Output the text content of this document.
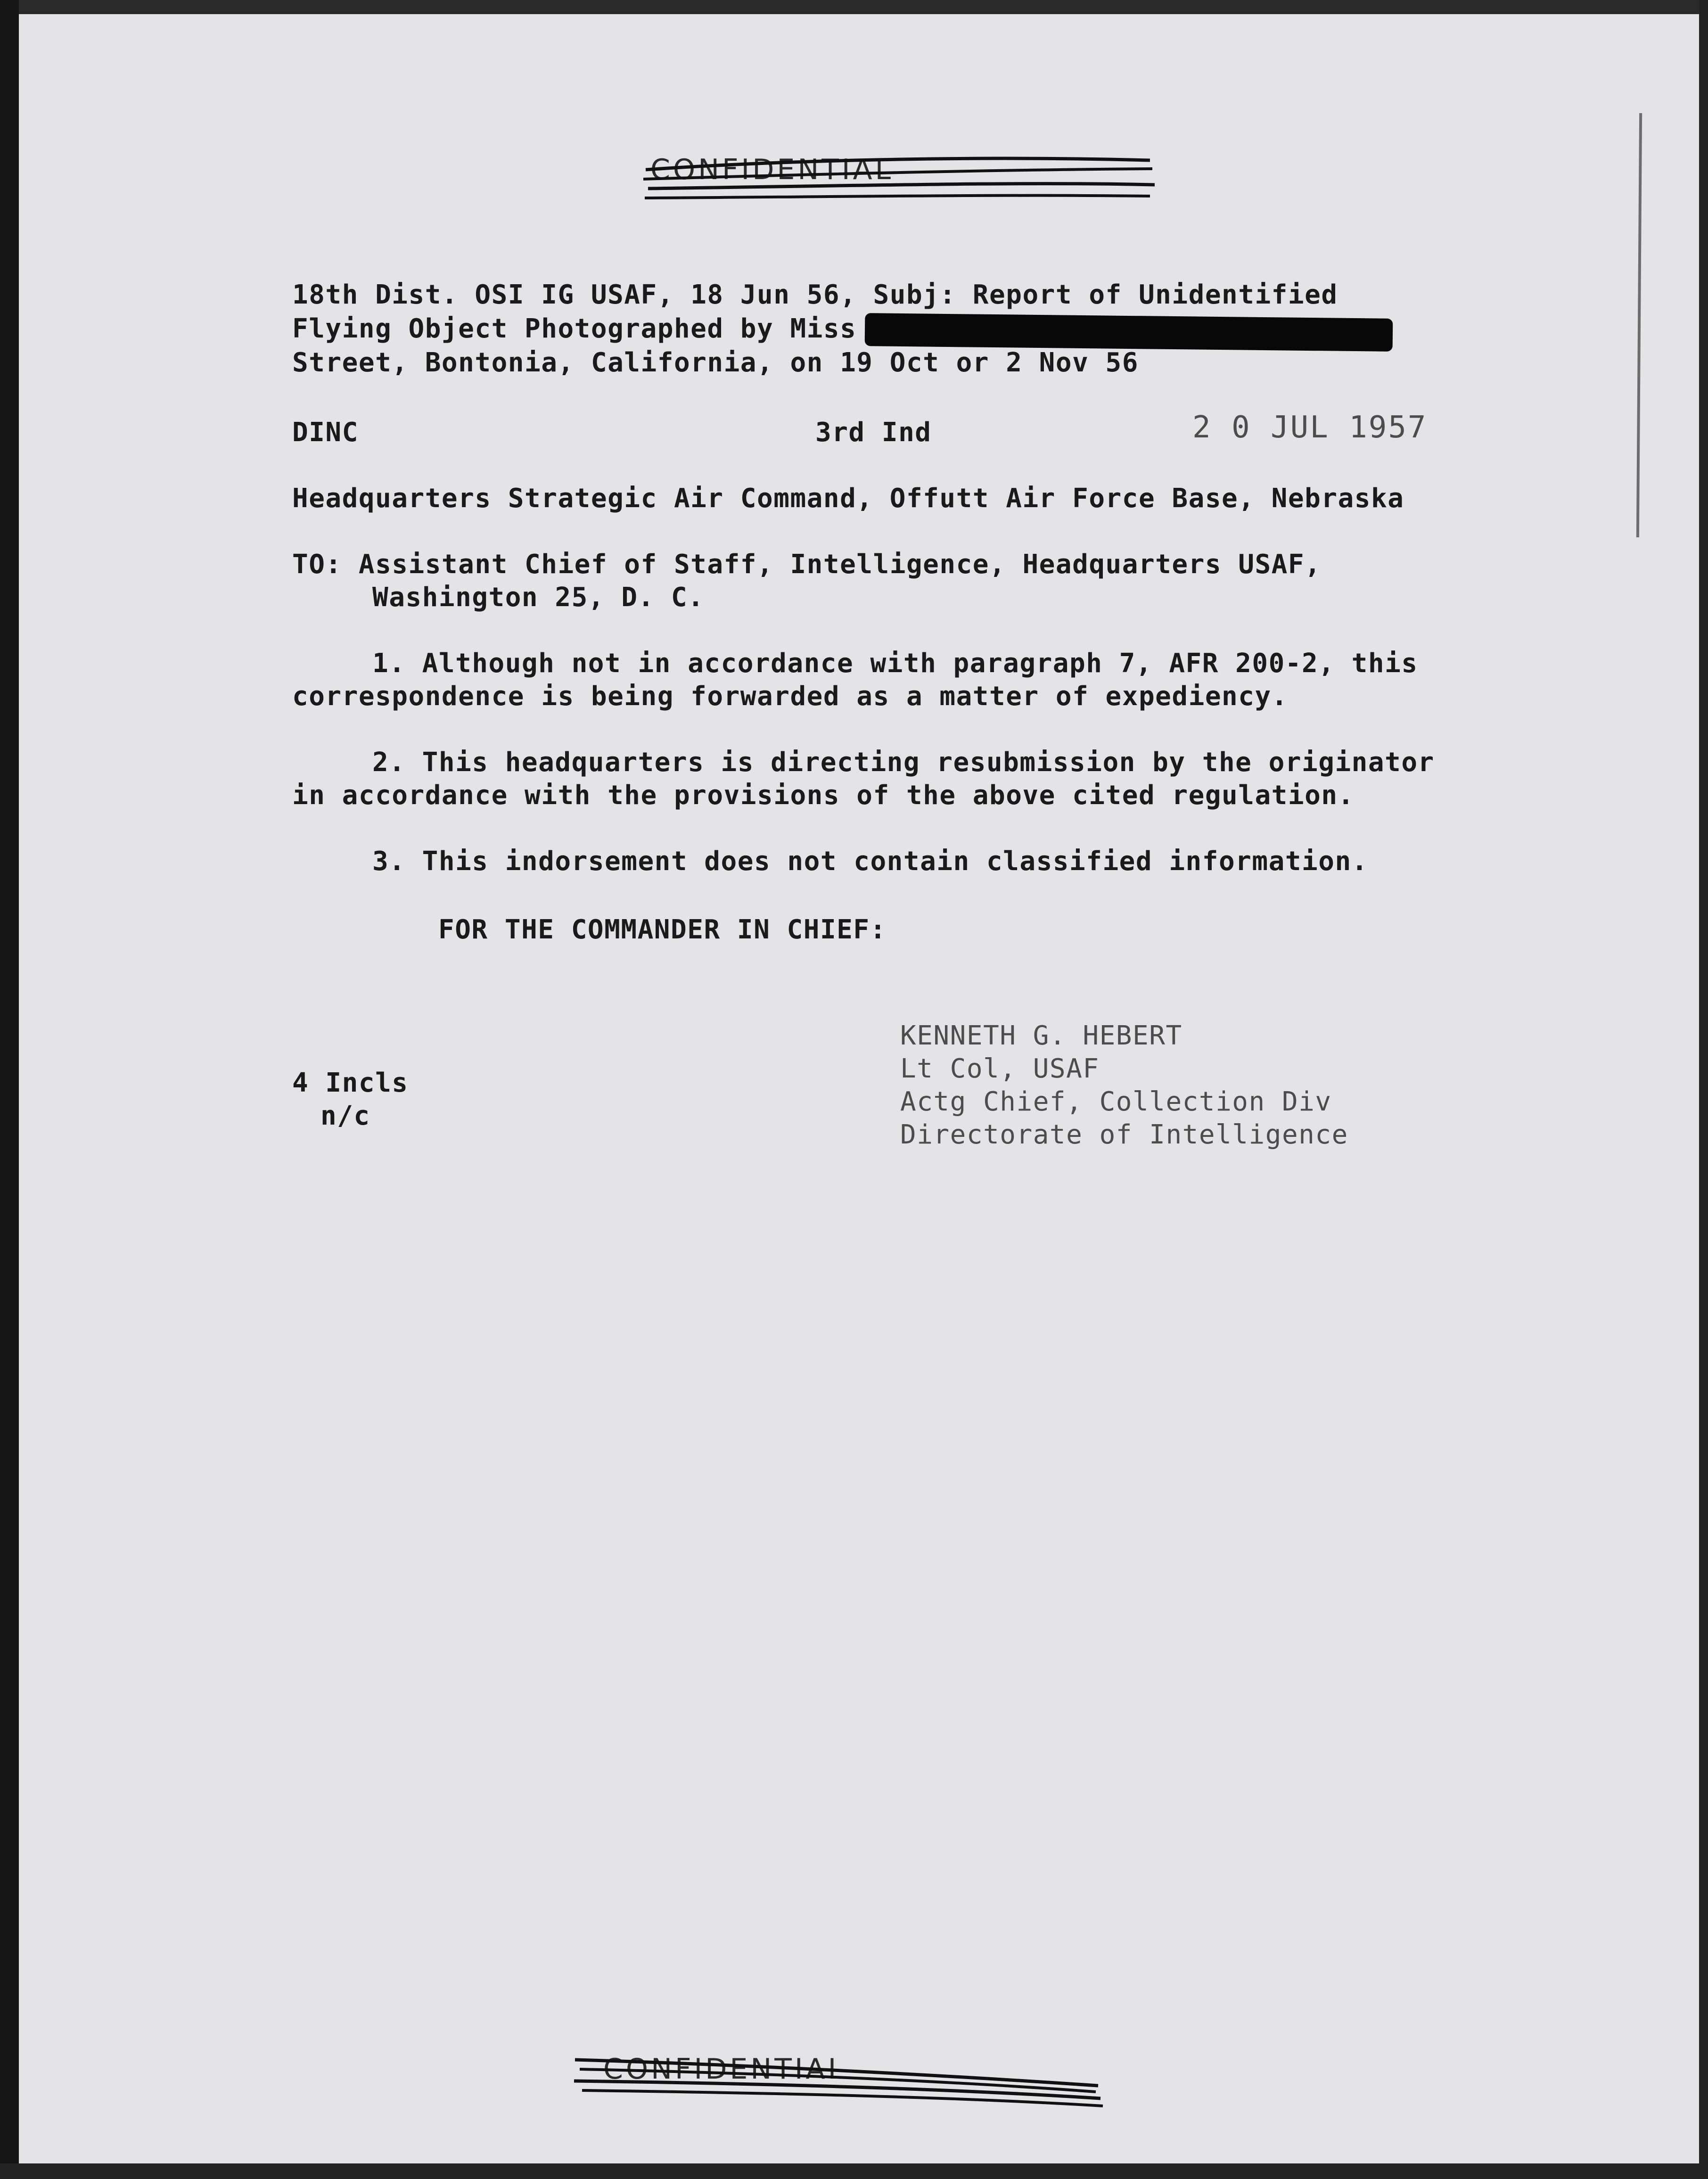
CONFIDENTIAL
18th Dist. OSI IG USAF, 18 Jun 56, Subj: Report of Unidentified
Flying Object Photographed by Miss
Street, Bontonia, California, on 19 Oct or 2 Nov 56
DINC	3rd Ind	2 0 JUL 1957
Headquarters Strategic Air Command, Offutt Air Force Base, Nebraska
TO: Assistant Chief of Staff, Intelligence, Headquarters USAF,
Washington 25, D. C.
1. Although not in accordance with paragraph 7, AFR 200-2, this
correspondence is being forwarded as a matter of expediency.
2. This headquarters is directing resubmission by the originator
in accordance with the provisions of the above cited regulation.
3. This indorsement does not contain classified information.
FOR THE COMMANDER IN CHIEF:
KENNETH G. HEBERT
Lt Col, USAF
Actg Chief, Collection Div
Directorate of Intelligence
4 Incls
n/c
CONFIDENTIAL
